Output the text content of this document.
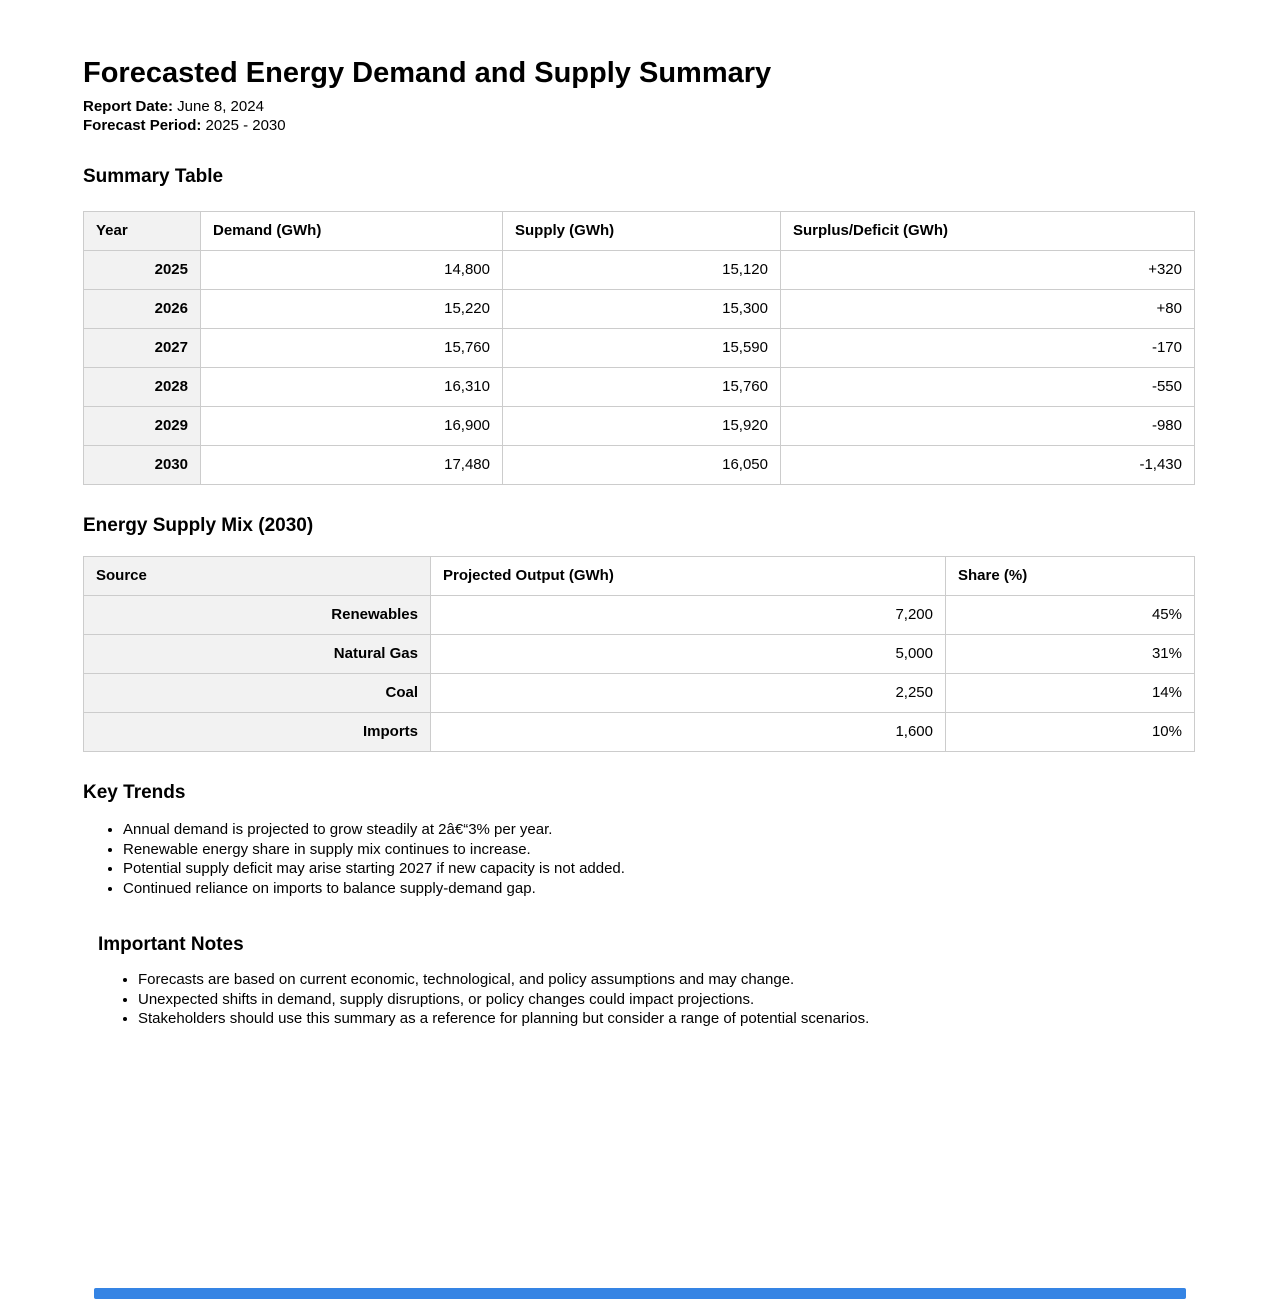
Forecasted Energy Demand and Supply Summary
Report Date: June 8, 2024
Forecast Period: 2025 - 2030
Summary Table
Year	Demand (GWh)	Supply (GWh)	Surplus/Deficit (GWh)
2025	14,800	15,120	+320
2026	15,220	15,300	+80
2027	15,760	15,590	-170
2028	16,310	15,760	-550
2029	16,900	15,920	-980
2030	17,480	16,050	-1,430
Energy Supply Mix (2030)
Source	Projected Output (GWh)	Share (%)
Renewables	7,200	45%
Natural Gas	5,000	31%
Coal	2,250	14%
Imports	1,600	10%
Key Trends
• Annual demand is projected to grow steadily at 2â€“3% per year.
• Renewable energy share in supply mix continues to increase.
• Potential supply deficit may arise starting 2027 if new capacity is not added.
• Continued reliance on imports to balance supply-demand gap.
Important Notes
• Forecasts are based on current economic, technological, and policy assumptions and may change.
• Unexpected shifts in demand, supply disruptions, or policy changes could impact projections.
• Stakeholders should use this summary as a reference for planning but consider a range of potential scenarios.
